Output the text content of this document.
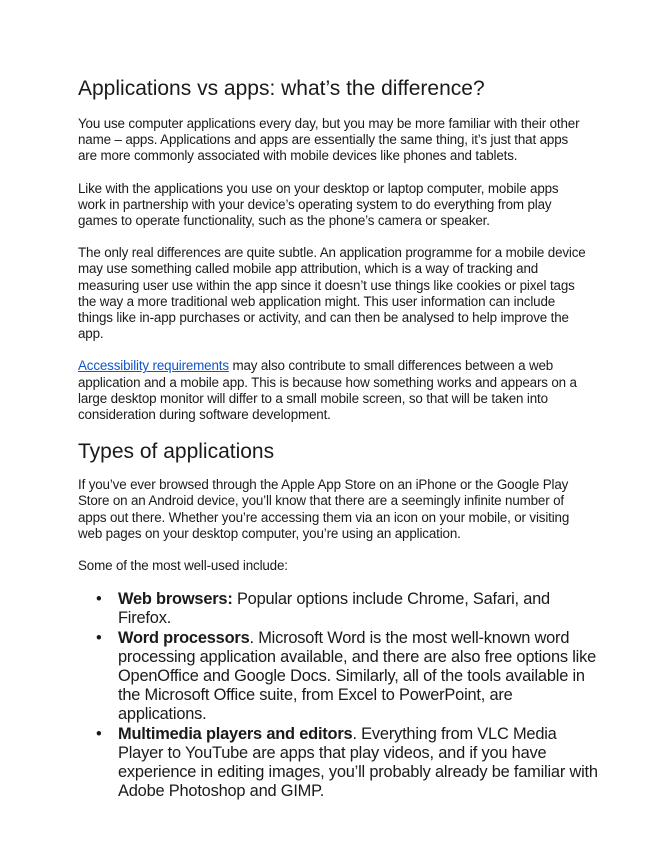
Applications vs apps: what’s the difference?

You use computer applications every day, but you may be more familiar with their other name – apps. Applications and apps are essentially the same thing, it’s just that apps are more commonly associated with mobile devices like phones and tablets.

Like with the applications you use on your desktop or laptop computer, mobile apps work in partnership with your device’s operating system to do everything from play games to operate functionality, such as the phone’s camera or speaker.

The only real differences are quite subtle. An application programme for a mobile device may use something called mobile app attribution, which is a way of tracking and measuring user use within the app since it doesn’t use things like cookies or pixel tags the way a more traditional web application might. This user information can include things like in-app purchases or activity, and can then be analysed to help improve the app.

Accessibility requirements may also contribute to small differences between a web application and a mobile app. This is because how something works and appears on a large desktop monitor will differ to a small mobile screen, so that will be taken into consideration during software development.

Types of applications

If you’ve ever browsed through the Apple App Store on an iPhone or the Google Play Store on an Android device, you’ll know that there are a seemingly infinite number of apps out there. Whether you’re accessing them via an icon on your mobile, or visiting web pages on your desktop computer, you’re using an application.

Some of the most well-used include:

• Web browsers: Popular options include Chrome, Safari, and Firefox.
• Word processors. Microsoft Word is the most well-known word processing application available, and there are also free options like OpenOffice and Google Docs. Similarly, all of the tools available in the Microsoft Office suite, from Excel to PowerPoint, are applications.
• Multimedia players and editors. Everything from VLC Media Player to YouTube are apps that play videos, and if you have experience in editing images, you’ll probably already be familiar with Adobe Photoshop and GIMP.
